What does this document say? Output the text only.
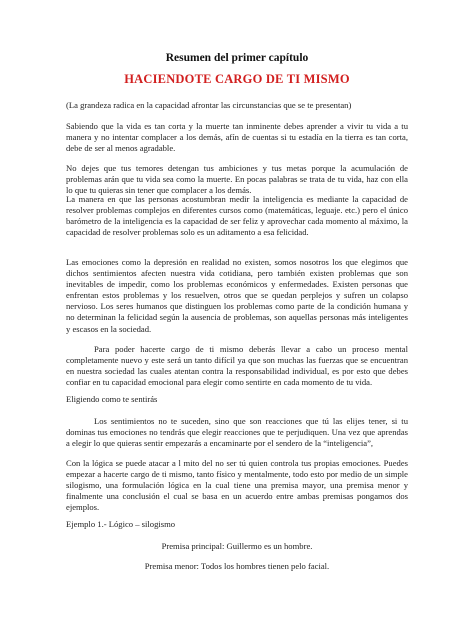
Resumen del primer capítulo
HACIENDOTE CARGO DE TI MISMO
(La grandeza radica en la capacidad afrontar las circunstancias que se te presentan)

Sabiendo que la vida es tan corta y la muerte tan inminente debes aprender a vivir tu vida a tu manera y no intentar complacer a los demás, afín de cuentas si tu estadía en la tierra es tan corta, debe de ser al menos agradable.

No dejes que tus temores detengan tus ambiciones y tus metas porque la acumulación de problemas arán que tu vida sea como la muerte. En pocas palabras se trata de tu vida, haz con ella lo que tu quieras sin tener que complacer a los demás.

La manera en que las personas acostumbran medir la inteligencia es mediante la capacidad de resolver problemas complejos en diferentes cursos como (matemáticas, leguaje. etc.) pero el único barómetro de la inteligencia es la capacidad de ser feliz y aprovechar cada momento al máximo, la capacidad de resolver problemas solo es un aditamento a esa felicidad.

Las emociones como la depresión en realidad no existen, somos nosotros los que elegimos que dichos sentimientos afecten nuestra vida cotidiana, pero también existen problemas que son inevitables de impedir, como los problemas económicos y enfermedades. Existen personas que enfrentan estos problemas y los resuelven, otros que se quedan perplejos y sufren un colapso nervioso. Los seres humanos que distinguen los problemas como parte de la condición humana y no determinan la felicidad según la ausencia de problemas, son aquellas personas más inteligentes y escasos en la sociedad.

Para poder hacerte cargo de ti mismo deberás llevar a cabo un proceso mental completamente nuevo y este será un tanto difícil ya que son muchas las fuerzas que se encuentran en nuestra sociedad las cuales atentan contra la responsabilidad individual, es por esto que debes confiar en tu capacidad emocional para elegir como sentirte en cada momento de tu vida.

Eligiendo como te sentirás

Los sentimientos no te suceden, sino que son reacciones que tú las elijes tener, si tu dominas tus emociones no tendrás que elegir reacciones que te perjudiquen. Una vez que aprendas a elegir lo que quieras sentir empezarás a encaminarte por el sendero de la “inteligencia”,

Con la lógica se puede atacar a l mito del no ser tú quien controla tus propias emociones. Puedes empezar a hacerte cargo de ti mismo, tanto físico y mentalmente, todo esto por medio de un simple silogismo, una formulación lógica en la cual tiene una premisa mayor, una premisa menor y finalmente una conclusión el cual se basa en un acuerdo entre ambas premisas pongamos dos ejemplos.

Ejemplo 1.- Lógico – silogismo
Premisa principal: Guillermo es un hombre.
Premisa menor: Todos los hombres tienen pelo facial.
